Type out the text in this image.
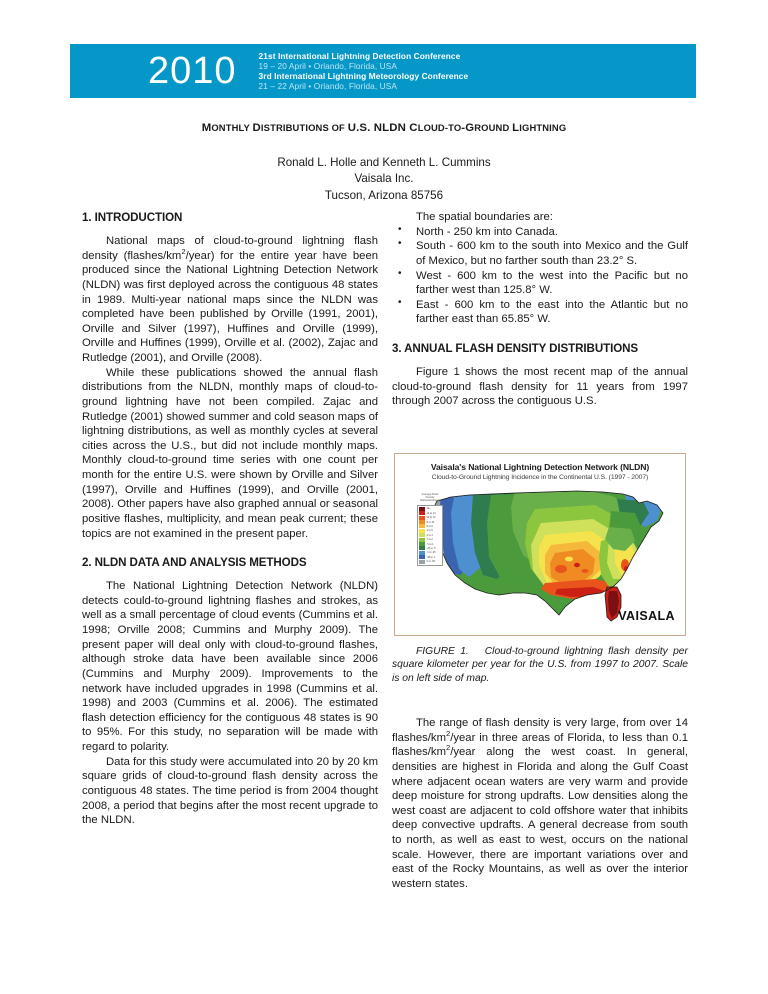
2010	21st International Lightning Detection Conference
19 – 20 April • Orlando, Florida, USA
3rd International Lightning Meteorology Conference
21 – 22 April • Orlando, Florida, USA
MONTHLY DISTRIBUTIONS OF U.S. NLDN CLOUD-TO-GROUND LIGHTNING
Ronald L. Holle and Kenneth L. Cummins
Vaisala Inc.
Tucson, Arizona 85756
1. INTRODUCTION

National maps of cloud-to-ground lightning flash density $(flashes/km^2/year)$ for the entire year have been produced since the National Lightning Detection Network (NLDN) was first deployed across the contiguous 48 states in 1989. Multi-year national maps since the NLDN was completed have been published by Orville (1991, 2001), Orville and Silver (1997), Huffines and Orville (1999), Orville and Huffines (1999), Orville et al. (2002), Zajac and Rutledge (2001), and Orville (2008).

While these publications showed the annual flash distributions from the NLDN, monthly maps of cloud-to-ground lightning have not been compiled. Zajac and Rutledge (2001) showed summer and cold season maps of lightning distributions, as well as monthly cycles at several cities across the U.S., but did not include monthly maps. Monthly cloud-to-ground time series with one count per month for the entire U.S. were shown by Orville and Silver (1997), Orville and Huffines (1999), and Orville (2001, 2008). Other papers have also graphed annual or seasonal positive flashes, multiplicity, and mean peak current; these topics are not examined in the present paper.

2. NLDN DATA AND ANALYSIS METHODS

The National Lightning Detection Network (NLDN) detects could-to-ground lightning flashes and strokes, as well as a small percentage of cloud events (Cummins et al. 1998; Orville 2008; Cummins and Murphy 2009). The present paper will deal only with cloud-to-ground flashes, although stroke data have been available since 2006 (Cummins and Murphy 2009). Improvements to the network have included upgrades in 1998 (Cummins et al. 1998) and 2003 (Cummins et al. 2006). The estimated flash detection efficiency for the contiguous 48 states is 90 to 95%. For this study, no separation will be made with regard to polarity.

Data for this study were accumulated into 20 by 20 km square grids of cloud-to-ground flash density across the contiguous 48 states. The time period is from 2004 thought 2008, a period that begins after the most recent upgrade to the NLDN.

The spatial boundaries are:

• North - 250 km into Canada.
• South - 600 km to the south into Mexico and the Gulf of Mexico, but no farther south than 23.2° S.
• West - 600 km to the west into the Pacific but no farther west than 125.8° W.
• East - 600 km to the east into the Atlantic but no farther east than 65.85° W.
3. ANNUAL FLASH DENSITY DISTRIBUTIONS

Figure 1 shows the most recent map of the annual cloud-to-ground flash density for 11 years from 1997 through 2007 across the contiguous U.S.

Vaisala's National Lightning Detection Network (NLDN)
Cloud-to-Ground Lightning Incidence in the Continental U.S. (1997 - 2007)
Average Flash Density
flashes/km2/year
14+
12 to 14
10 to 12
8 to 10
6 to 8
4 to 6
2 to 4
1 to 2
.5 to 1
.25 to .5
.1 to .25
.05 to .1
0 to .05
VAISALA
FIGURE 1. Cloud-to-ground lightning flash density per square kilometer per year for the U.S. from 1997 to 2007. Scale is on left side of map.

The range of flash density is very large, from over 14 flashes/$km^2$/year in three areas of Florida, to less than 0.1 flashes/$km^2$/year along the west coast. In general, densities are highest in Florida and along the Gulf Coast where adjacent ocean waters are very warm and provide deep moisture for strong updrafts. Low densities along the west coast are adjacent to cold offshore water that inhibits deep convective updrafts. A general decrease from south to north, as well as east to west, occurs on the national scale. However, there are important variations over and east of the Rocky Mountains, as well as over the interior western states.
